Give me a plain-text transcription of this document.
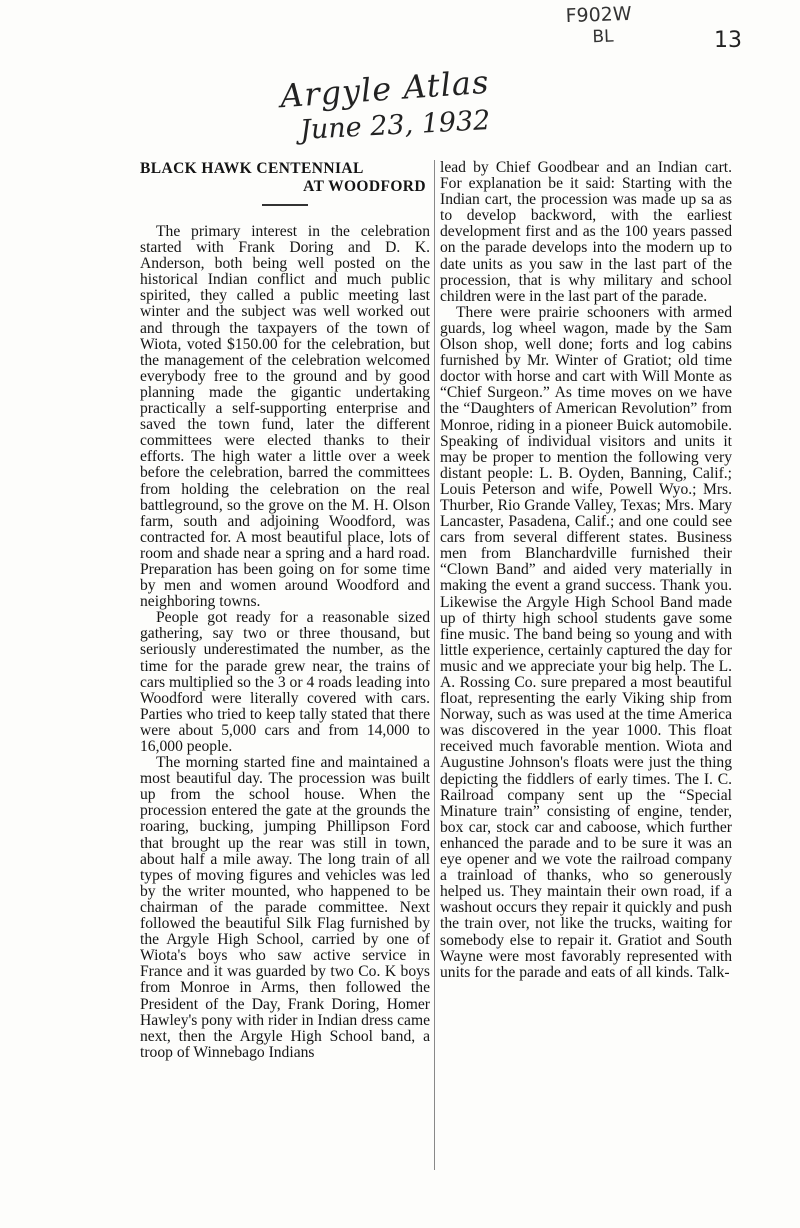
F902W
BL	13
Argyle Atlas
June 23, 1932
BLACK HAWK CENTENNIAL
AT WOODFORD

The primary interest in the celebration started with Frank Doring and D. K. Anderson, both being well posted on the historical Indian conflict and much public spirited, they called a public meeting last winter and the subject was well worked out and through the taxpayers of the town of Wiota, voted $150.00 for the celebration, but the management of the celebration welcomed everybody free to the ground and by good planning made the gigantic undertaking practically a self-supporting enterprise and saved the town fund, later the different committees were elected thanks to their efforts. The high water a little over a week before the celebration, barred the committees from holding the celebration on the real battleground, so the grove on the M. H. Olson farm, south and adjoining Woodford, was contracted for. A most beautiful place, lots of room and shade near a spring and a hard road. Preparation has been going on for some time by men and women around Woodford and neighboring towns.

People got ready for a reasonable sized gathering, say two or three thousand, but seriously underestimated the number, as the time for the parade grew near, the trains of cars multiplied so the 3 or 4 roads leading into Woodford were literally covered with cars. Parties who tried to keep tally stated that there were about 5,000 cars and from 14,000 to 16,000 people.

The morning started fine and maintained a most beautiful day. The procession was built up from the school house. When the procession entered the gate at the grounds the roaring, bucking, jumping Phillipson Ford that brought up the rear was still in town, about half a mile away. The long train of all types of moving figures and vehicles was led by the writer mounted, who happened to be chairman of the parade committee. Next followed the beautiful Silk Flag furnished by the Argyle High School, carried by one of Wiota's boys who saw active service in France and it was guarded by two Co. K boys from Monroe in Arms, then followed the President of the Day, Frank Doring, Homer Hawley's pony with rider in Indian dress came next, then the Argyle High School band, a troop of Winnebago Indians

lead by Chief Goodbear and an Indian cart. For explanation be it said: Starting with the Indian cart, the procession was made up sa as to develop backword, with the earliest development first and as the 100 years passed on the parade develops into the modern up to date units as you saw in the last part of the procession, that is why military and school children were in the last part of the parade.

There were prairie schooners with armed guards, log wheel wagon, made by the Sam Olson shop, well done; forts and log cabins furnished by Mr. Winter of Gratiot; old time doctor with horse and cart with Will Monte as “Chief Surgeon.” As time moves on we have the “Daughters of American Revolution” from Monroe, riding in a pioneer Buick automobile. Speaking of individual visitors and units it may be proper to mention the following very distant people: L. B. Oyden, Banning, Calif.; Louis Peterson and wife, Powell Wyo.; Mrs. Thurber, Rio Grande Valley, Texas; Mrs. Mary Lancaster, Pasadena, Calif.; and one could see cars from several different states. Business men from Blanchardville furnished their “Clown Band” and aided very materially in making the event a grand success. Thank you. Likewise the Argyle High School Band made up of thirty high school students gave some fine music. The band being so young and with little experience, certainly captured the day for music and we appreciate your big help. The L. A. Rossing Co. sure prepared a most beautiful float, representing the early Viking ship from Norway, such as was used at the time America was discovered in the year 1000. This float received much favorable mention. Wiota and Augustine Johnson's floats were just the thing depicting the fiddlers of early times. The I. C. Railroad company sent up the “Special Minature train” consisting of engine, tender, box car, stock car and caboose, which further enhanced the parade and to be sure it was an eye opener and we vote the railroad company a trainload of thanks, who so generously helped us. They maintain their own road, if a washout occurs they repair it quickly and push the train over, not like the trucks, waiting for somebody else to repair it. Gratiot and South Wayne were most favorably represented with units for the parade and eats of all kinds. Talk-
